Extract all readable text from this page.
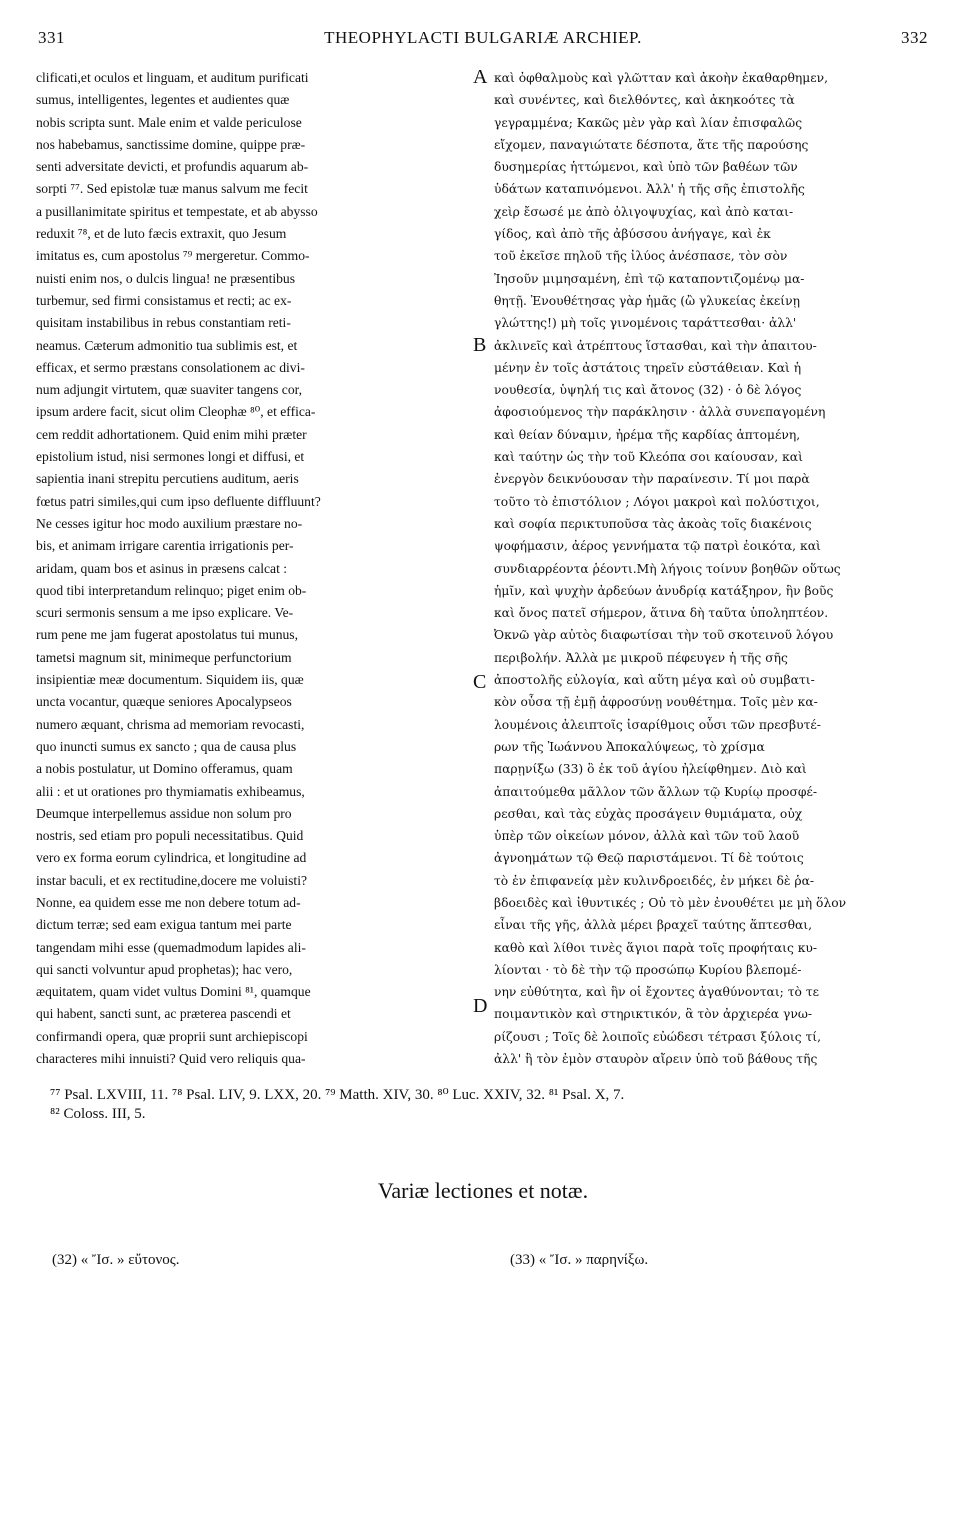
331	THEOPHYLACTI BULGARIÆ ARCHIEP.	332
clificati,et oculos et linguam, et auditum purificati
sumus, intelligentes, legentes et audientes quæ
nobis scripta sunt. Male enim et valde periculose
nos habebamus, sanctissime domine, quippe præ-
senti adversitate devicti, et profundis aquarum ab-
sorpti ⁷⁷. Sed epistolæ tuæ manus salvum me fecit
a pusillanimitate spiritus et tempestate, et ab abysso
reduxit ⁷⁸, et de luto fæcis extraxit, quo Jesum
imitatus es, cum apostolus ⁷⁹ mergeretur. Commo-
nuisti enim nos, o dulcis lingua! ne præsentibus
turbemur, sed firmi consistamus et recti; ac ex-
quisitam instabilibus in rebus constantiam reti-
neamus. Cæterum admonitio tua sublimis est, et
efficax, et sermo præstans consolationem ac divi-
num adjungit virtutem, quæ suaviter tangens cor,
ipsum ardere facit, sicut olim Cleophæ ⁸⁰, et effica-
cem reddit adhortationem. Quid enim mihi præter
epistolium istud, nisi sermones longi et diffusi, et
sapientia inani strepitu percutiens auditum, aeris
fœtus patri similes,qui cum ipso defluente diffluunt?
Ne cesses igitur hoc modo auxilium præstare no-
bis, et animam irrigare carentia irrigationis per-
aridam, quam bos et asinus in præsens calcat :
quod tibi interpretandum relinquo; piget enim ob-
scuri sermonis sensum a me ipso explicare. Ve-
rum pene me jam fugerat apostolatus tui munus,
tametsi magnum sit, minimeque perfunctorium
insipientiæ meæ documentum. Siquidem iis, quæ
uncta vocantur, quæque seniores Apocalypseos
numero æquant, chrisma ad memoriam revocasti,
quo inuncti sumus ex sancto ; qua de causa plus
a nobis postulatur, ut Domino offeramus, quam
alii : et ut orationes pro thymiamatis exhibeamus,
Deumque interpellemus assidue non solum pro
nostris, sed etiam pro populi necessitatibus. Quid
vero ex forma eorum cylindrica, et longitudine ad
instar baculi, et ex rectitudine,docere me voluisti?
Nonne, ea quidem esse me non debere totum ad-
dictum terræ; sed eam exigua tantum mei parte
tangendam mihi esse (quemadmodum lapides ali-
qui sancti volvuntur apud prophetas); hac vero,
æquitatem, quam videt vultus Domini ⁸¹, quamque
qui habent, sancti sunt, ac præterea pascendi et
confirmandi opera, quæ proprii sunt archiepiscopi
characteres mihi innuisti? Quid vero reliquis qua-
A
B
C
D
καὶ ὀφθαλμοὺς καὶ γλῶτταν καὶ ἀκοὴν ἐκαθαρθημεν,
καὶ συνέντες, καὶ διελθόντες, καὶ ἀκηκοότες τὰ
γεγραμμένα; Κακῶς μὲν γὰρ καὶ λίαν ἐπισφαλῶς
εἴχομεν, παναγιώτατε δέσποτα, ἅτε τῆς παρούσης
δυσημερίας ἡττώμενοι, καὶ ὑπὸ τῶν βαθέων τῶν
ὑδάτων καταπινόμενοι. Ἀλλ' ἡ τῆς σῆς ἐπιστολῆς
χεὶρ ἔσωσέ με ἀπὸ ὀλιγοψυχίας, καὶ ἀπὸ καται-
γίδος, καὶ ἀπὸ τῆς ἀβύσσου ἀνήγαγε, καὶ ἐκ
τοῦ ἐκεῖσε πηλοῦ τῆς ἰλύος ἀνέσπασε, τὸν σὸν
Ἰησοῦν μιμησαμένη, ἐπὶ τῷ καταποντιζομένῳ μα-
θητῇ. Ἐνουθέτησας γὰρ ἡμᾶς (ὢ γλυκείας ἐκείνῃ
γλώττης!) μὴ τοῖς γινομένοις ταράττεσθαι· ἀλλ'
ἀκλινεῖς καὶ ἀτρέπτους ἵστασθαι, καὶ τὴν ἀπαιτου-
μένην ἐν τοῖς ἀστάτοις τηρεῖν εὐστάθειαν. Καὶ ἡ
νουθεσία, ὑψηλή τις καὶ ἄτονος (32) · ὁ δὲ λόγος
ἀφοσιούμενος τὴν παράκλησιν · ἀλλὰ συνεπαγομένη
καὶ θείαν δύναμιν, ἠρέμα τῆς καρδίας ἁπτομένη,
καὶ ταύτην ὡς τὴν τοῦ Κλεόπα σοι καίουσαν, καὶ
ἐνεργὸν δεικνύουσαν τὴν παραίνεσιν. Τί μοι παρὰ
τοῦτο τὸ ἐπιστόλιον ; Λόγοι μακροὶ καὶ πολύστιχοι,
καὶ σοφία περικτυποῦσα τὰς ἀκοὰς τοῖς διακένοις
ψοφήμασιν, ἀέρος γεννήματα τῷ πατρὶ ἐοικότα, καὶ
συνδιαρρέοντα ῥέοντι.Μὴ λήγοις τοίνυν βοηθῶν οὕτως
ἡμῖν, καὶ ψυχὴν ἀρδεύων ἀνυδρίᾳ κατάξηρον, ἣν βοῦς
καὶ ὄνος πατεῖ σήμερον, ἅτινα δὴ ταῦτα ὑποληπτέον.
Ὀκνῶ γὰρ αὐτὸς διαφωτίσαι τὴν τοῦ σκοτεινοῦ λόγου
περιβολήν. Ἀλλὰ με μικροῦ πέφευγεν ἡ τῆς σῆς
ἀποστολῆς εὐλογία, καὶ αὕτη μέγα καὶ οὐ συμβατι-
κὸν οὖσα τῇ ἐμῇ ἀφροσύνῃ νουθέτημα. Τοῖς μὲν κα-
λουμένοις ἀλειπτοῖς ἰσαρίθμοις οὖσι τῶν πρεσβυτέ-
ρων τῆς Ἰωάννου Ἀποκαλύψεως, τὸ χρίσμα
παρῃνίξω (33) ὃ ἐκ τοῦ ἁγίου ἠλείφθημεν. Διὸ καὶ
ἀπαιτούμεθα μᾶλλον τῶν ἄλλων τῷ Κυρίῳ προσφέ-
ρεσθαι, καὶ τὰς εὐχὰς προσάγειν θυμιάματα, οὐχ
ὑπὲρ τῶν οἰκείων μόνον, ἀλλὰ καὶ τῶν τοῦ λαοῦ
ἀγνοημάτων τῷ Θεῷ παριστάμενοι. Τί δὲ τούτοις
τὸ ἐν ἐπιφανείᾳ μὲν κυλινδροειδές, ἐν μήκει δὲ ῥα-
βδοειδὲς καὶ ἰθυντικές ; Οὐ τὸ μὲν ἐνουθέτει με μὴ ὅλον
εἶναι τῆς γῆς, ἀλλὰ μέρει βραχεῖ ταύτης ἅπτεσθαι,
καθὸ καὶ λίθοι τινὲς ἅγιοι παρὰ τοῖς προφήταις κυ-
λίονται · τὸ δὲ τὴν τῷ προσώπῳ Κυρίου βλεπομέ-
νην εὐθύτητα, καὶ ἣν οἱ ἔχοντες ἀγαθύνονται; τὸ τε
ποιμαντικὸν καὶ στηρικτικόν, ἃ τὸν ἀρχιερέα γνω-
ρίζουσι ; Τοῖς δὲ λοιποῖς εὐώδεσι τέτρασι ξύλοις τί,
ἀλλ' ἢ τὸν ἐμὸν σταυρὸν αἴρειν ὑπὸ τοῦ βάθους τῆς
⁷⁷ Psal. LXVIII, 11. ⁷⁸ Psal. LIV, 9. LXX, 20. ⁷⁹ Matth. XIV, 30. ⁸⁰ Luc. XXIV, 32. ⁸¹ Psal. X, 7.
⁸² Coloss. III, 5.
Variæ lectiones et notæ.
(32) « Ἴσ. » εὔτονος.	(33) « Ἴσ. » παρηνίξω.
